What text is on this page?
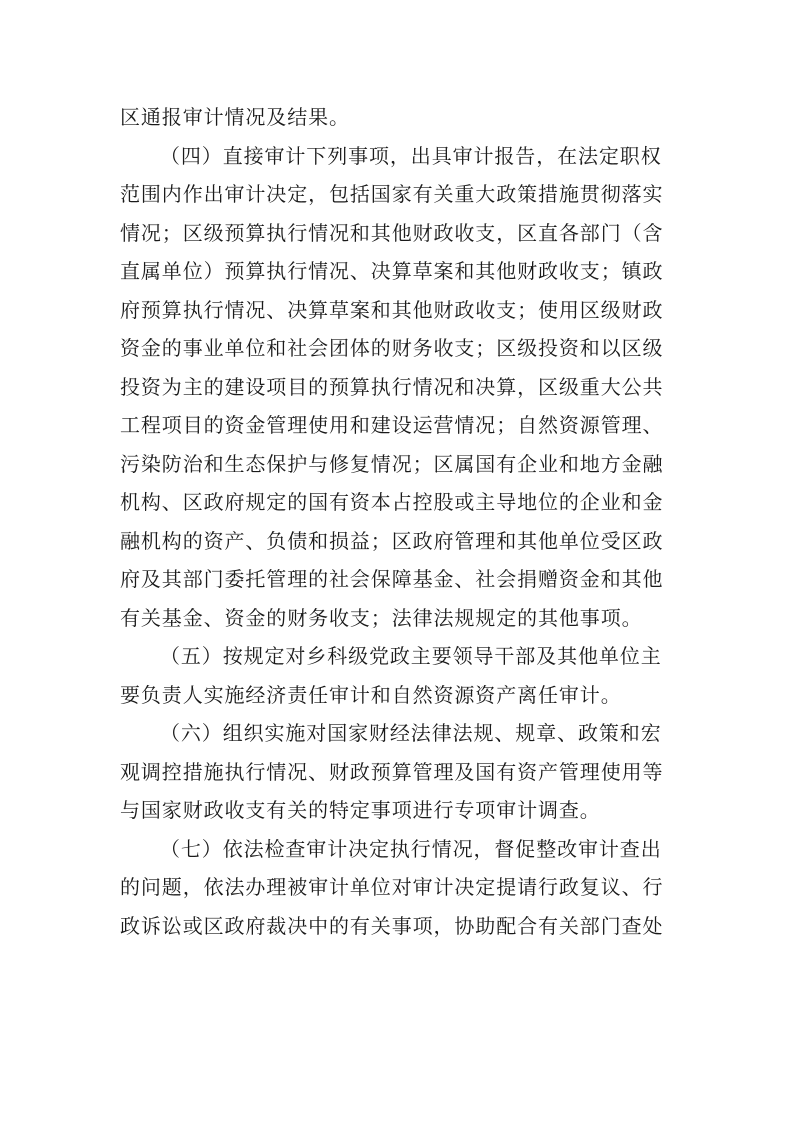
区通报审计情况及结果。
（四）直接审计下列事项，出具审计报告，在法定职权
范围内作出审计决定，包括国家有关重大政策措施贯彻落实
情况；区级预算执行情况和其他财政收支，区直各部门（含
直属单位）预算执行情况、决算草案和其他财政收支；镇政
府预算执行情况、决算草案和其他财政收支；使用区级财政
资金的事业单位和社会团体的财务收支；区级投资和以区级
投资为主的建设项目的预算执行情况和决算，区级重大公共
工程项目的资金管理使用和建设运营情况；自然资源管理、
污染防治和生态保护与修复情况；区属国有企业和地方金融
机构、区政府规定的国有资本占控股或主导地位的企业和金
融机构的资产、负债和损益；区政府管理和其他单位受区政
府及其部门委托管理的社会保障基金、社会捐赠资金和其他
有关基金、资金的财务收支；法律法规规定的其他事项。
（五）按规定对乡科级党政主要领导干部及其他单位主
要负责人实施经济责任审计和自然资源资产离任审计。
（六）组织实施对国家财经法律法规、规章、政策和宏
观调控措施执行情况、财政预算管理及国有资产管理使用等
与国家财政收支有关的特定事项进行专项审计调查。
（七）依法检查审计决定执行情况，督促整改审计查出
的问题，依法办理被审计单位对审计决定提请行政复议、行
政诉讼或区政府裁决中的有关事项，协助配合有关部门查处
